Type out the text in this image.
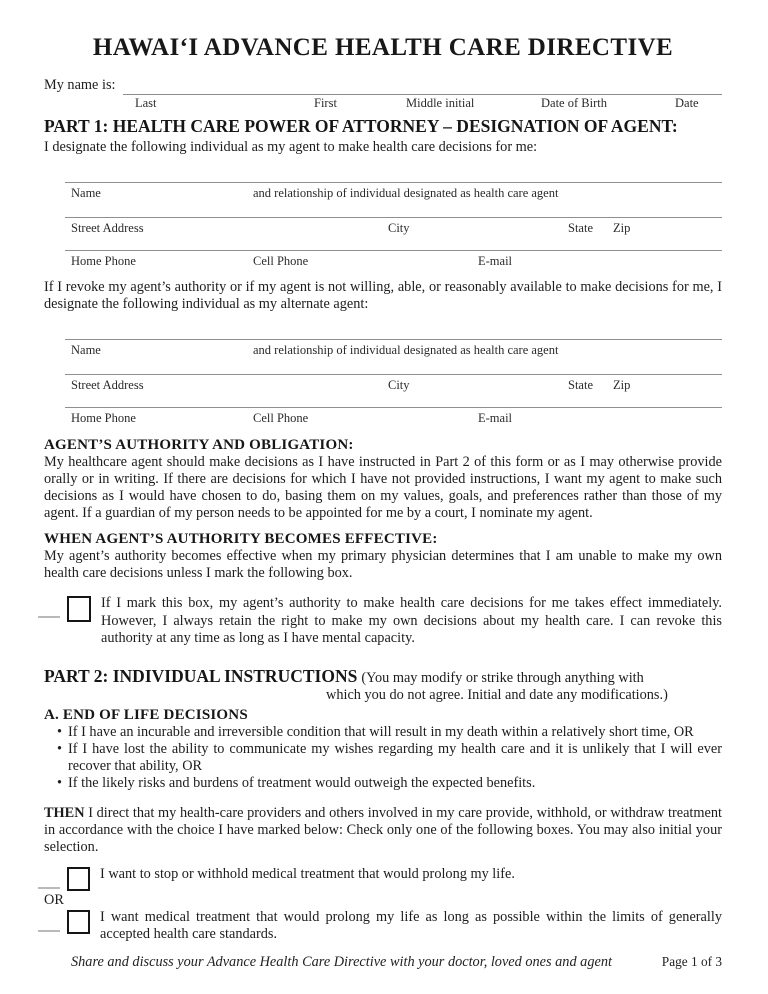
HAWAI‘I ADVANCE HEALTH CARE DIRECTIVE
My name is:
Last	First	Middle initial	Date of Birth	Date
PART 1: HEALTH CARE POWER OF ATTORNEY – DESIGNATION OF AGENT:
I designate the following individual as my agent to make health care decisions for me:
Name	and relationship of individual designated as health care agent
Street Address	City	State Zip
Home Phone	Cell Phone	E-mail
If I revoke my agent’s authority or if my agent is not willing, able, or reasonably available to make decisions for me, I designate the following individual as my alternate agent:
Name	and relationship of individual designated as health care agent
Street Address	City	State Zip
Home Phone	Cell Phone	E-mail
AGENT’S AUTHORITY AND OBLIGATION:
My healthcare agent should make decisions as I have instructed in Part 2 of this form or as I may otherwise provide orally or in writing. If there are decisions for which I have not provided instructions, I want my agent to make such decisions as I would have chosen to do, basing them on my values, goals, and preferences rather than those of my agent. If a guardian of my person needs to be appointed for me by a court, I nominate my agent.
WHEN AGENT’S AUTHORITY BECOMES EFFECTIVE:
My agent’s authority becomes effective when my primary physician determines that I am unable to make my own health care decisions unless I mark the following box.
If I mark this box, my agent’s authority to make health care decisions for me takes effect immediately. However, I always retain the right to make my own decisions about my health care. I can revoke this authority at any time as long as I have mental capacity.
PART 2: INDIVIDUAL INSTRUCTIONS (You may modify or strike through anything with
which you do not agree. Initial and date any modifications.)
A. END OF LIFE DECISIONS
• If I have an incurable and irreversible condition that will result in my death within a relatively short time, OR
• If I have lost the ability to communicate my wishes regarding my health care and it is unlikely that I will ever recover that ability, OR
• If the likely risks and burdens of treatment would outweigh the expected benefits.
THEN I direct that my health-care providers and others involved in my care provide, withhold, or withdraw treatment in accordance with the choice I have marked below: Check only one of the following boxes. You may also initial your selection.
I want to stop or withhold medical treatment that would prolong my life.
OR
I want medical treatment that would prolong my life as long as possible within the limits of generally accepted health care standards.
Share and discuss your Advance Health Care Directive with your doctor, loved ones and agent	Page 1 of 3
